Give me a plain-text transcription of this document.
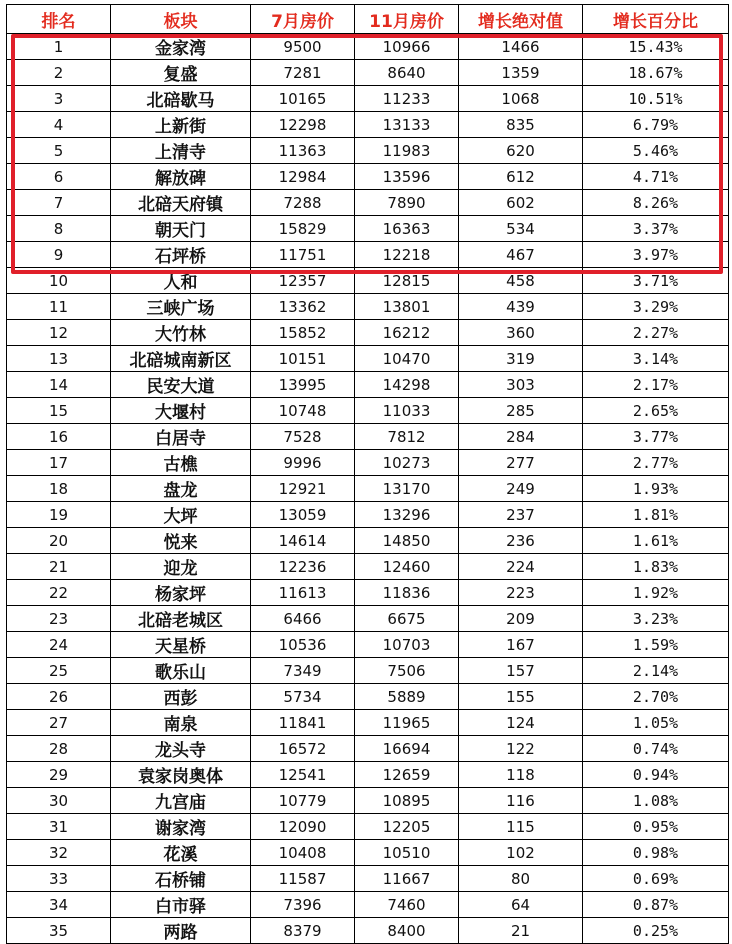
排名	板块	7月房价	11月房价	增长绝对值	增长百分比
1	金家湾	9500	10966	1466	15.43%
2	复盛	7281	8640	1359	18.67%
3	北碚歇马	10165	11233	1068	10.51%
4	上新街	12298	13133	835	6.79%
5	上清寺	11363	11983	620	5.46%
6	解放碑	12984	13596	612	4.71%
7	北碚天府镇	7288	7890	602	8.26%
8	朝天门	15829	16363	534	3.37%
9	石坪桥	11751	12218	467	3.97%
10	人和	12357	12815	458	3.71%
11	三峡广场	13362	13801	439	3.29%
12	大竹林	15852	16212	360	2.27%
13	北碚城南新区	10151	10470	319	3.14%
14	民安大道	13995	14298	303	2.17%
15	大堰村	10748	11033	285	2.65%
16	白居寺	7528	7812	284	3.77%
17	古樵	9996	10273	277	2.77%
18	盘龙	12921	13170	249	1.93%
19	大坪	13059	13296	237	1.81%
20	悦来	14614	14850	236	1.61%
21	迎龙	12236	12460	224	1.83%
22	杨家坪	11613	11836	223	1.92%
23	北碚老城区	6466	6675	209	3.23%
24	天星桥	10536	10703	167	1.59%
25	歌乐山	7349	7506	157	2.14%
26	西彭	5734	5889	155	2.70%
27	南泉	11841	11965	124	1.05%
28	龙头寺	16572	16694	122	0.74%
29	袁家岗奥体	12541	12659	118	0.94%
30	九宫庙	10779	10895	116	1.08%
31	谢家湾	12090	12205	115	0.95%
32	花溪	10408	10510	102	0.98%
33	石桥铺	11587	11667	80	0.69%
34	白市驿	7396	7460	64	0.87%
35	两路	8379	8400	21	0.25%
